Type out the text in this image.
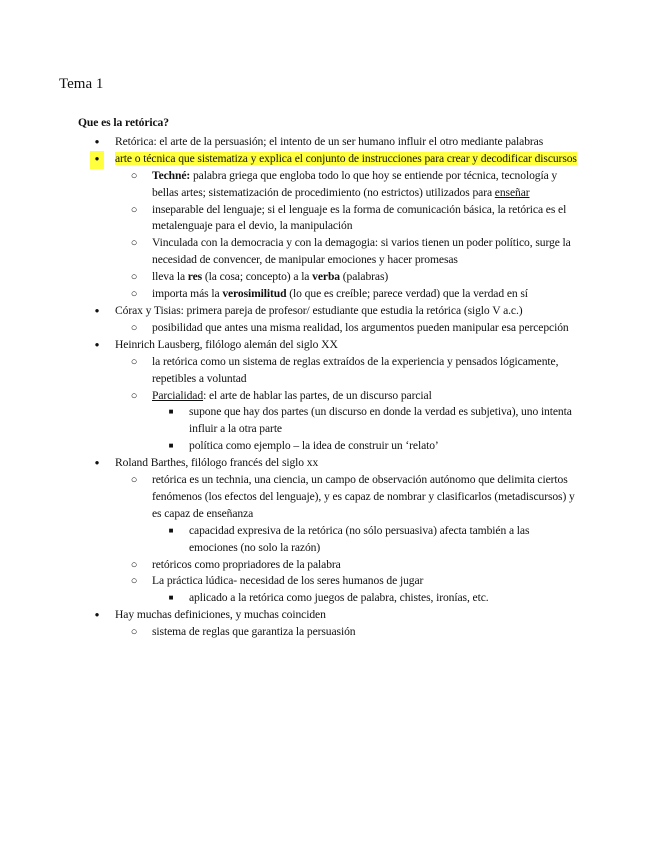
Tema 1
Que es la retórica?
●
Retórica: el arte de la persuasión; el intento de un ser humano influir el otro mediante palabras
●
arte o técnica que sistematiza y explica el conjunto de instrucciones para crear y decodificar discursos
○
Techné: palabra griega que engloba todo lo que hoy se entiende por técnica, tecnología y bellas artes; sistematización de procedimiento (no estrictos) utilizados para enseñar
○
inseparable del lenguaje; si el lenguaje es la forma de comunicación básica, la retórica es el metalenguaje para el devio, la manipulación
○
Vinculada con la democracia y con la demagogia: si varios tienen un poder político, surge la necesidad de convencer, de manipular emociones y hacer promesas
○
lleva la res (la cosa; concepto) a la verba (palabras)
○
importa más la verosimilitud (lo que es creíble; parece verdad) que la verdad en sí
●
Córax y Tisias: primera pareja de profesor/ estudiante que estudia la retórica (siglo V a.c.)
○
posibilidad que antes una misma realidad, los argumentos pueden manipular esa percepción
●
Heinrich Lausberg, filólogo alemán del siglo XX
○
la retórica como un sistema de reglas extraídos de la experiencia y pensados lógicamente, repetibles a voluntad
○
Parcialidad: el arte de hablar las partes, de un discurso parcial
■
supone que hay dos partes (un discurso en donde la verdad es subjetiva), uno intenta influir a la otra parte
■
política como ejemplo – la idea de construir un ‘relato’
●
Roland Barthes, filólogo francés del siglo xx
○
retórica es un technia, una ciencia, un campo de observación autónomo que delimita ciertos fenómenos (los efectos del lenguaje), y es capaz de nombrar y clasificarlos (metadiscursos) y es capaz de enseñanza
■
capacidad expresiva de la retórica (no sólo persuasiva) afecta también a las emociones (no solo la razón)
○
retóricos como propriadores de la palabra
○
La práctica lúdica- necesidad de los seres humanos de jugar
■
aplicado a la retórica como juegos de palabra, chistes, ironías, etc.
●
Hay muchas definiciones, y muchas coinciden
○
sistema de reglas que garantiza la persuasión
